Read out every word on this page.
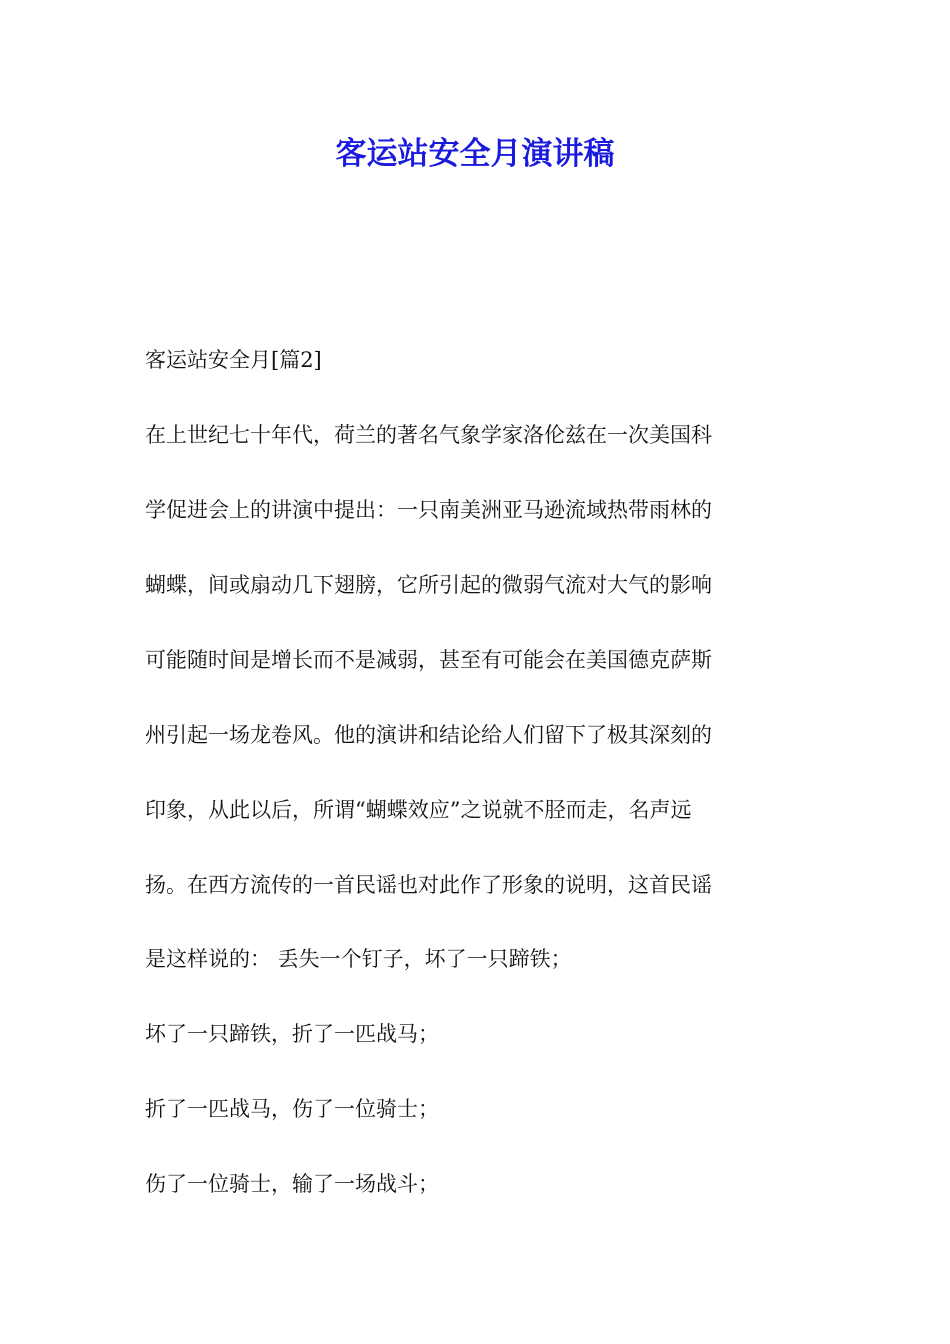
客运站安全月演讲稿

客运站安全月[篇2]

在上世纪七十年代，荷兰的著名气象学家洛伦兹在一次美国科

学促进会上的讲演中提出：一只南美洲亚马逊流域热带雨林的

蝴蝶，间或扇动几下翅膀，它所引起的微弱气流对大气的影响

可能随时间是增长而不是减弱，甚至有可能会在美国德克萨斯

州引起一场龙卷风。他的演讲和结论给人们留下了极其深刻的

印象，从此以后，所谓“蝴蝶效应”之说就不胫而走，名声远

扬。在西方流传的一首民谣也对此作了形象的说明，这首民谣

是这样说的： 丢失一个钉子，坏了一只蹄铁；

坏了一只蹄铁，折了一匹战马；

折了一匹战马，伤了一位骑士；

伤了一位骑士，输了一场战斗；
